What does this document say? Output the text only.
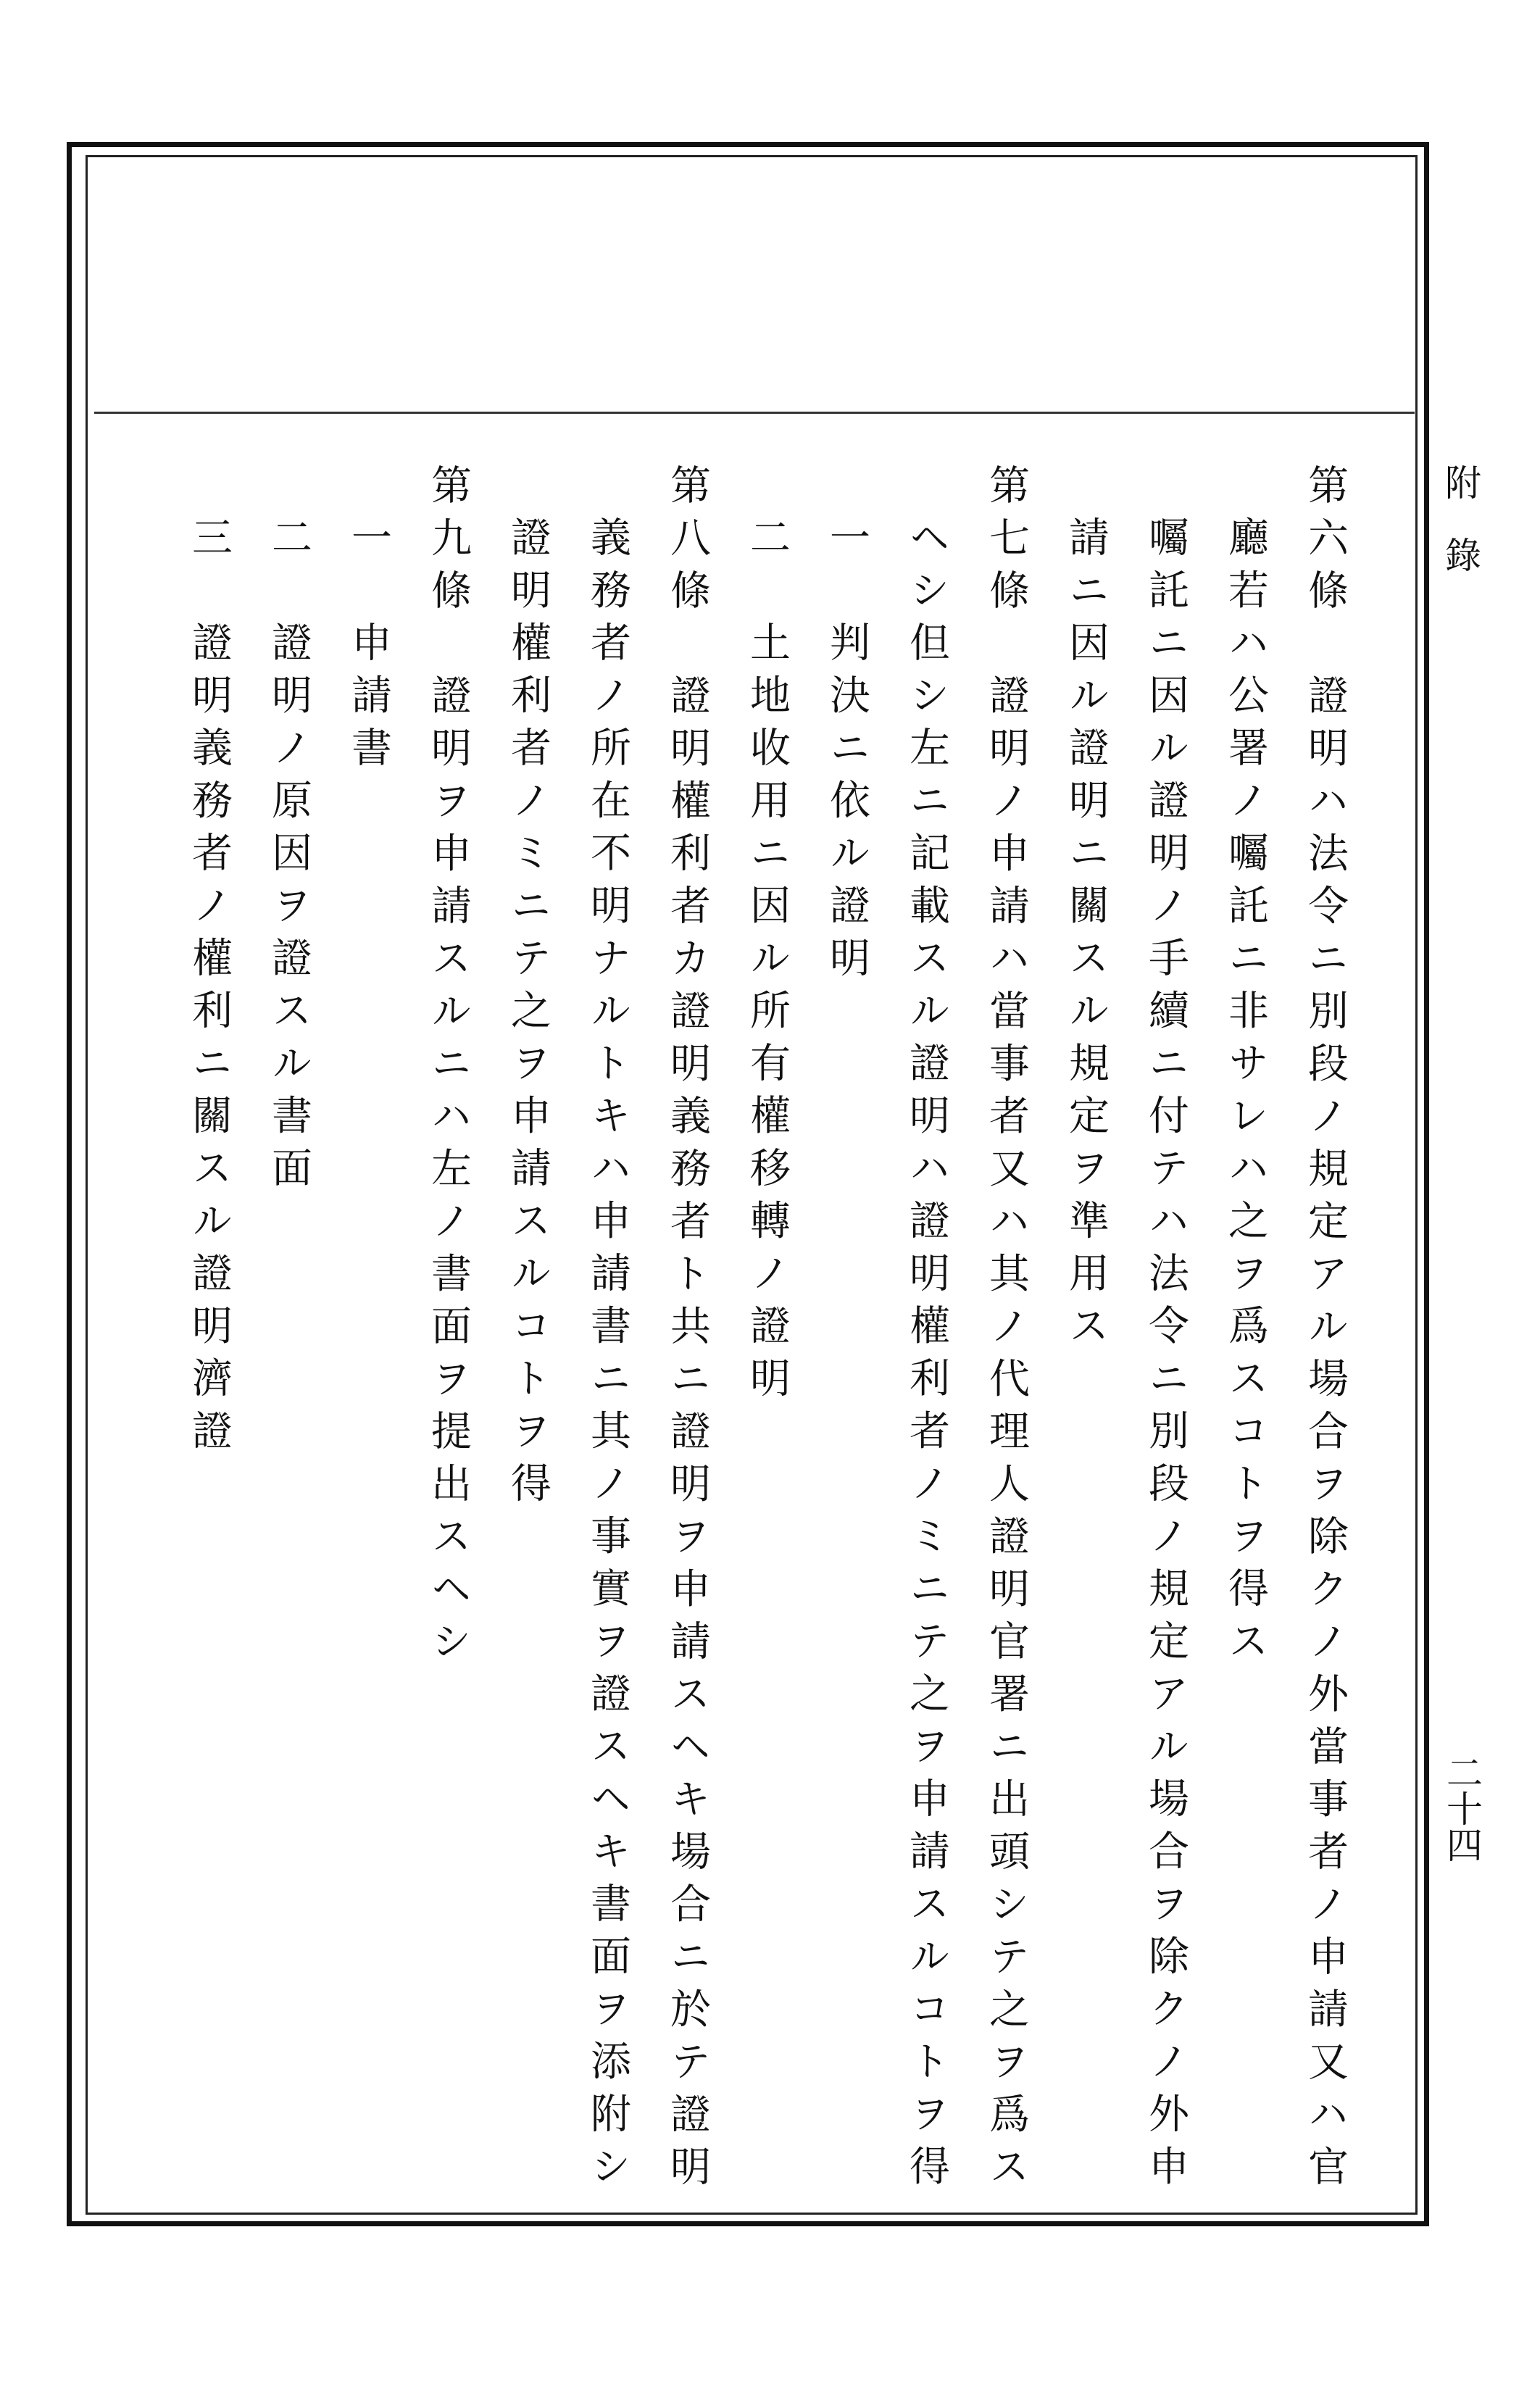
附　錄
二十四
第六條　證明ハ法令ニ別段ノ規定アル場合ヲ除クノ外當事者ノ申請又ハ官
廳若ハ公署ノ囑託ニ非サレハ之ヲ爲スコトヲ得ス
囑託ニ因ル證明ノ手續ニ付テハ法令ニ別段ノ規定アル場合ヲ除クノ外申
請ニ因ル證明ニ關スル規定ヲ準用ス
第七條　證明ノ申請ハ當事者又ハ其ノ代理人證明官署ニ出頭シテ之ヲ爲ス
ヘシ但シ左ニ記載スル證明ハ證明權利者ノミニテ之ヲ申請スルコトヲ得
一　判決ニ依ル證明
二　土地收用ニ因ル所有權移轉ノ證明
第八條　證明權利者カ證明義務者ト共ニ證明ヲ申請スヘキ場合ニ於テ證明
義務者ノ所在不明ナルトキハ申請書ニ其ノ事實ヲ證スヘキ書面ヲ添附シ
證明權利者ノミニテ之ヲ申請スルコトヲ得
第九條　證明ヲ申請スルニハ左ノ書面ヲ提出スヘシ
一　申請書
二　證明ノ原因ヲ證スル書面
三　證明義務者ノ權利ニ關スル證明濟證
